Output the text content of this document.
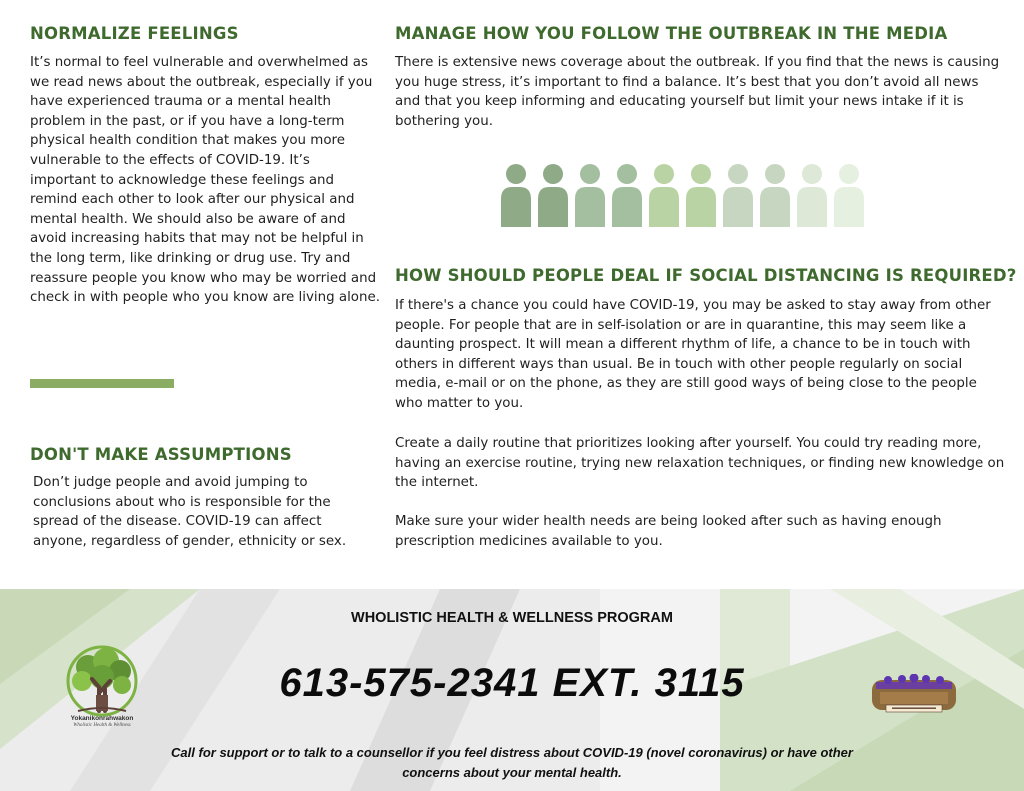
NORMALIZE FEELINGS

It’s normal to feel vulnerable and overwhelmed as we read news about the outbreak, especially if you have experienced trauma or a mental health problem in the past, or if you have a long-term physical health condition that makes you more vulnerable to the effects of COVID-19. It’s important to acknowledge these feelings and remind each other to look after our physical and mental health. We should also be aware of and avoid increasing habits that may not be helpful in the long term, like drinking or drug use. Try and reassure people you know who may be worried and check in with people who you know are living alone.

DON'T MAKE ASSUMPTIONS

Don’t judge people and avoid jumping to conclusions about who is responsible for the spread of the disease. COVID-19 can affect anyone, regardless of gender, ethnicity or sex.

MANAGE HOW YOU FOLLOW THE OUTBREAK IN THE MEDIA

There is extensive news coverage about the outbreak. If you find that the news is causing you huge stress, it’s important to find a balance. It’s best that you don’t avoid all news and that you keep informing and educating yourself but limit your news intake if it is bothering you.

HOW SHOULD PEOPLE DEAL IF SOCIAL DISTANCING IS REQUIRED?

If there's a chance you could have COVID-19, you may be asked to stay away from other people. For people that are in self-isolation or are in quarantine, this may seem like a daunting prospect. It will mean a different rhythm of life, a chance to be in touch with others in different ways than usual. Be in touch with other people regularly on social media, e-mail or on the phone, as they are still good ways of being close to the people who matter to you.

Create a daily routine that prioritizes looking after yourself. You could try reading more, having an exercise routine, trying new relaxation techniques, or finding new knowledge on the internet.

Make sure your wider health needs are being looked after such as having enough prescription medicines available to you.

WHOLISTIC HEALTH & WELLNESS PROGRAM
Yokanikonrahwakon
Wholistic Health & Wellness
613-575-2341 EXT. 3115
Call for support or to talk to a counsellor if you feel distress about COVID-19 (novel coronavirus) or have other concerns about your mental health.
